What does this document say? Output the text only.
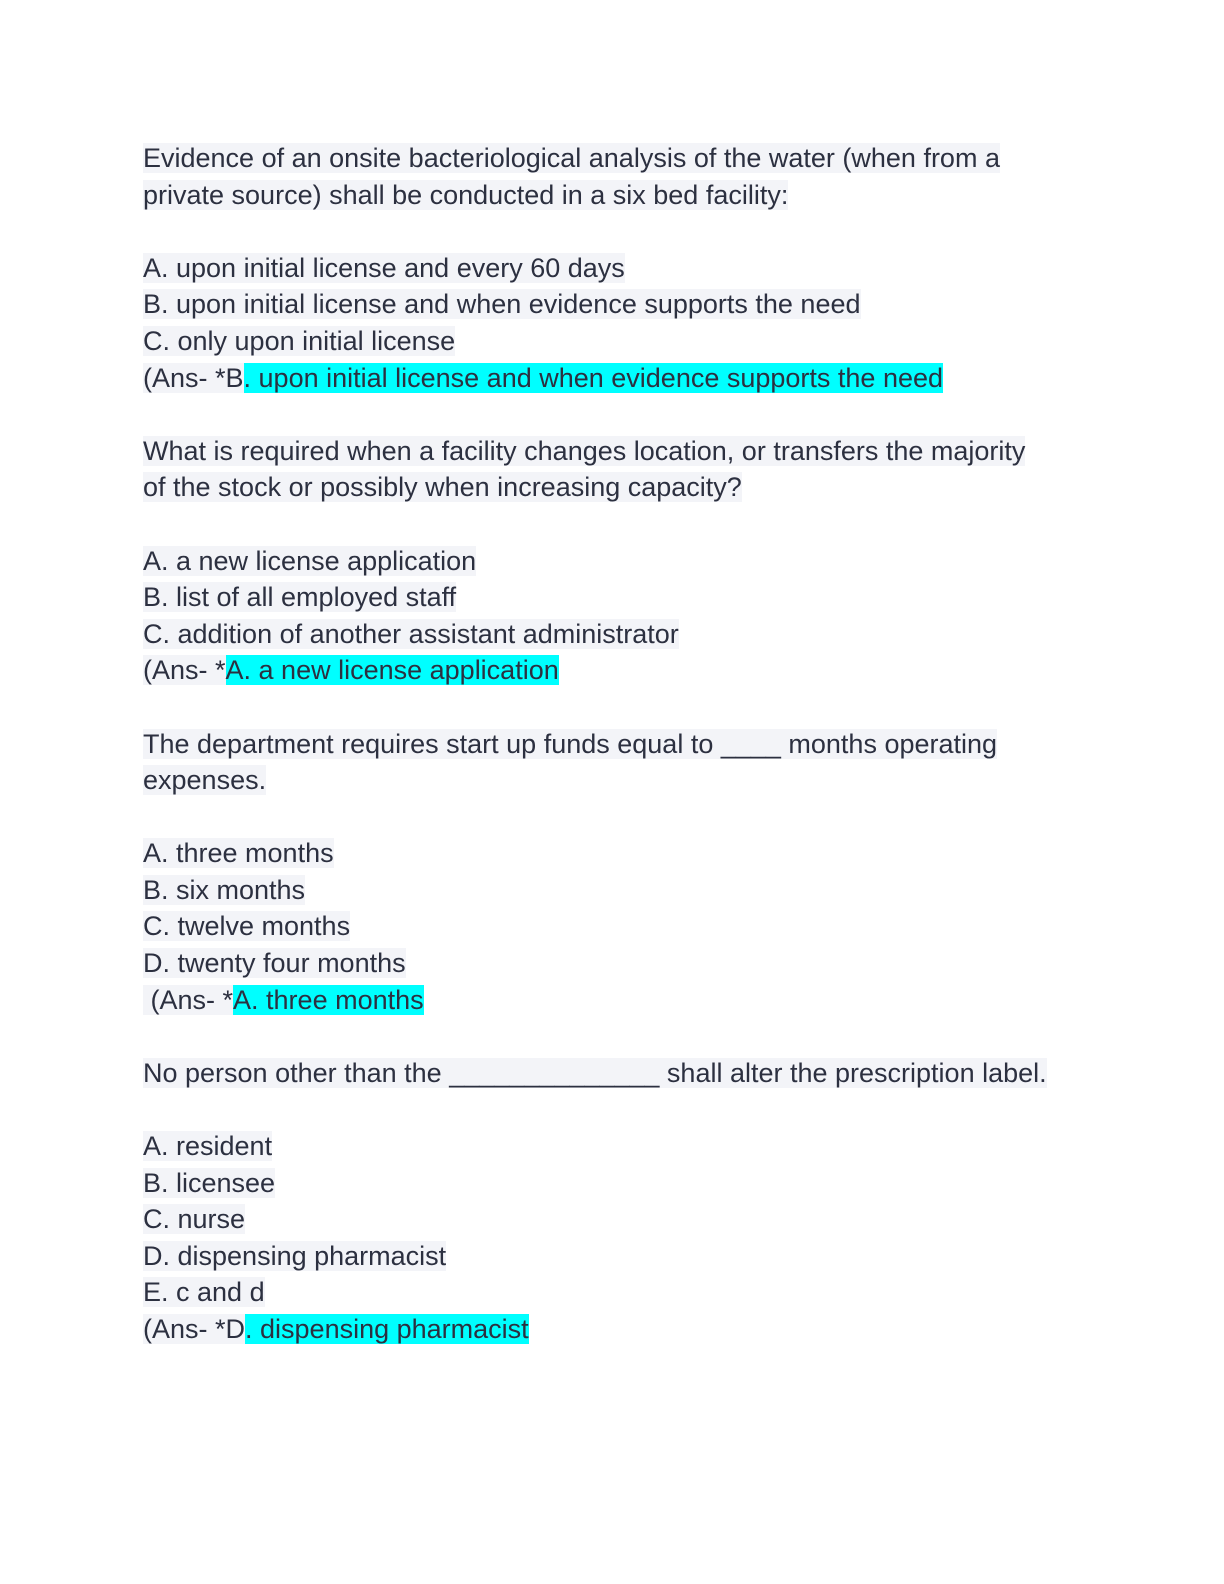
Evidence of an onsite bacteriological analysis of the water (when from a
private source) shall be conducted in a six bed facility:
A. upon initial license and every 60 days
B. upon initial license and when evidence supports the need
C. only upon initial license
(Ans- *B. upon initial license and when evidence supports the need
What is required when a facility changes location, or transfers the majority
of the stock or possibly when increasing capacity?
A. a new license application
B. list of all employed staff
C. addition of another assistant administrator
(Ans- *A. a new license application
The department requires start up funds equal to ____ months operating
expenses.
A. three months
B. six months
C. twelve months
D. twenty four months
(Ans- *A. three months
No person other than the ______________ shall alter the prescription label.
A. resident
B. licensee
C. nurse
D. dispensing pharmacist
E. c and d
(Ans- *D. dispensing pharmacist
